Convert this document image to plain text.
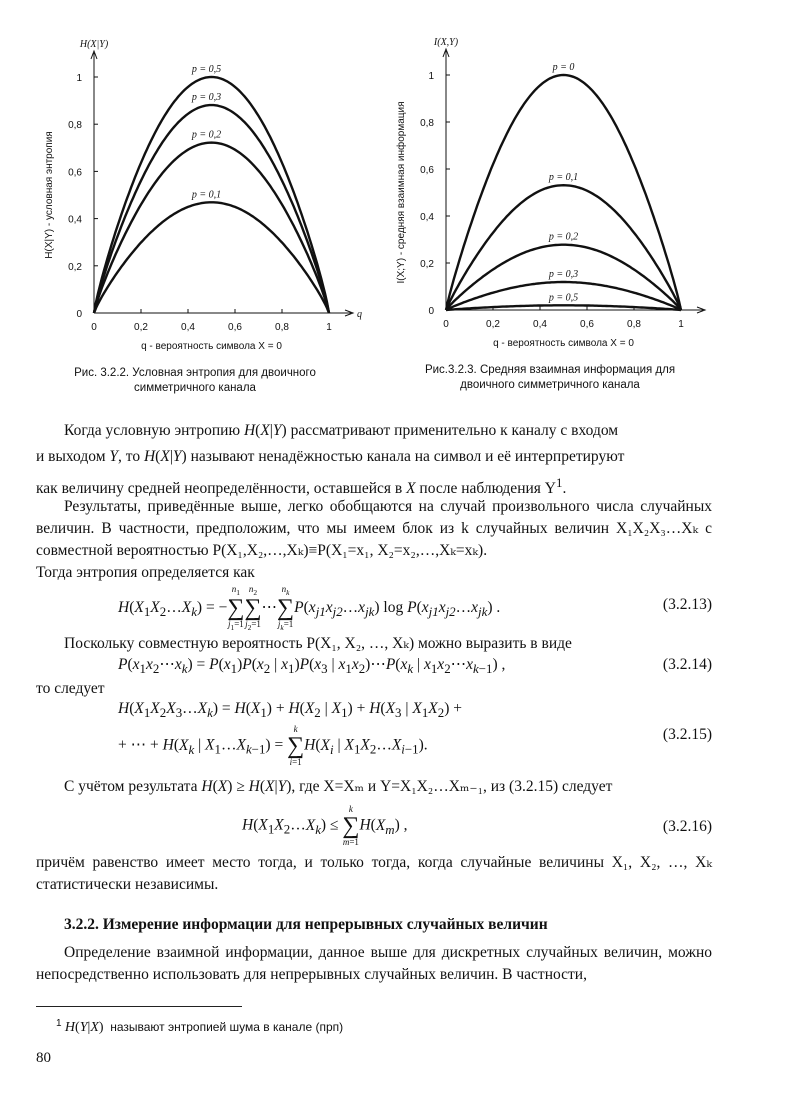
0	0,2	0,4	0,6	0,8	1
0
0,2
0,4
0,6
0,8
1
H(X|Y)
q
q - вероятность символа X = 0
H(X|Y) - условная энтропия
p = 0,5
p = 0,3
p = 0,2
p = 0,1
Рис. 3.2.2. Условная энтропия для двоичного симметричного канала
0	0,2	0,4	0,6	0,8	1
0
0,2
0,4
0,6
0,8
1
I(X,Y)
q - вероятность символа X = 0
I(X;Y) - средняя взаимная информация
p = 0
p = 0,1
p = 0,2
p = 0,3
p = 0,5
Рис.3.2.3. Средняя взаимная информация для двоичного симметричного канала
Когда условную энтропию H(X|Y) рассматривают применительно к каналу с входом
и выходом Y, то H(X|Y) называют ненадёжностью канала на символ и её интерпретируют
как величину средней неопределённости, оставшейся в X после наблюдения $Y^1$.
Результаты, приведённые выше, легко обобщаются на случай произвольного числа случайных величин. В частности, предположим, что мы имеем блок из k случайных величин X₁X₂X₃…Xₖ с совместной вероятностью P(X₁,X₂,…,Xₖ)≡P(X₁=x₁, X₂=x₂,…,Xₖ=xₖ).
Тогда энтропия определяется как
$H(X_1X_2\dots X_k)$ = −
$n_1$
∑
$j_1=1$
$n_2$
∑
$j_2=1$
⋯
$n_k$
∑
$j_k=1$
$P(x_{j1}x_{j2}\dots x_{jk})$ $\log P(x_{j1}x_{j2}\dots x_{jk})$ .	(3.2.13)
Поскольку совместную вероятность P(X₁, X₂, …, Xₖ) можно выразить в виде
$P(x_1x_2\cdots x_k) = P(x_1)P(x_2$ | $x_1)P(x_3$ | $x_1x_2)\cdots P(x_k$ | $x_1x_2\cdots x_{k-1}$) ,	(3.2.14)
то следует
$H(X_1X_2X_3\dots X_k) = H(X_1) + H(X_2$ | $X_1) + H(X_3$ | $X_1X_2$) +
+ ⋯ + $H(X_k$ | $X_1\dots X_{k-1}$) =
k
∑
i=1
$H(X_i$ | $X_1X_2\dots X_{i-1}$).
(3.2.15)
С учётом результата H(X) ≥ H(X|Y), где X=Xₘ и Y=X₁X₂…Xₘ₋₁, из (3.2.15) следует
$H(X_1X_2\dots X_k)$ ≤
k
∑
m=1
$H(X_m)$ ,	(3.2.16)
причём равенство имеет место тогда, и только тогда, когда случайные величины X₁, X₂, …, Xₖ статистически независимы.
3.2.2. Измерение информации для непрерывных случайных величин
Определение взаимной информации, данное выше для дискретных случайных величин, можно непосредственно использовать для непрерывных случайных величин. В частности,
$^1$ H(Y|X) называют энтропией шума в канале (прп)
80
